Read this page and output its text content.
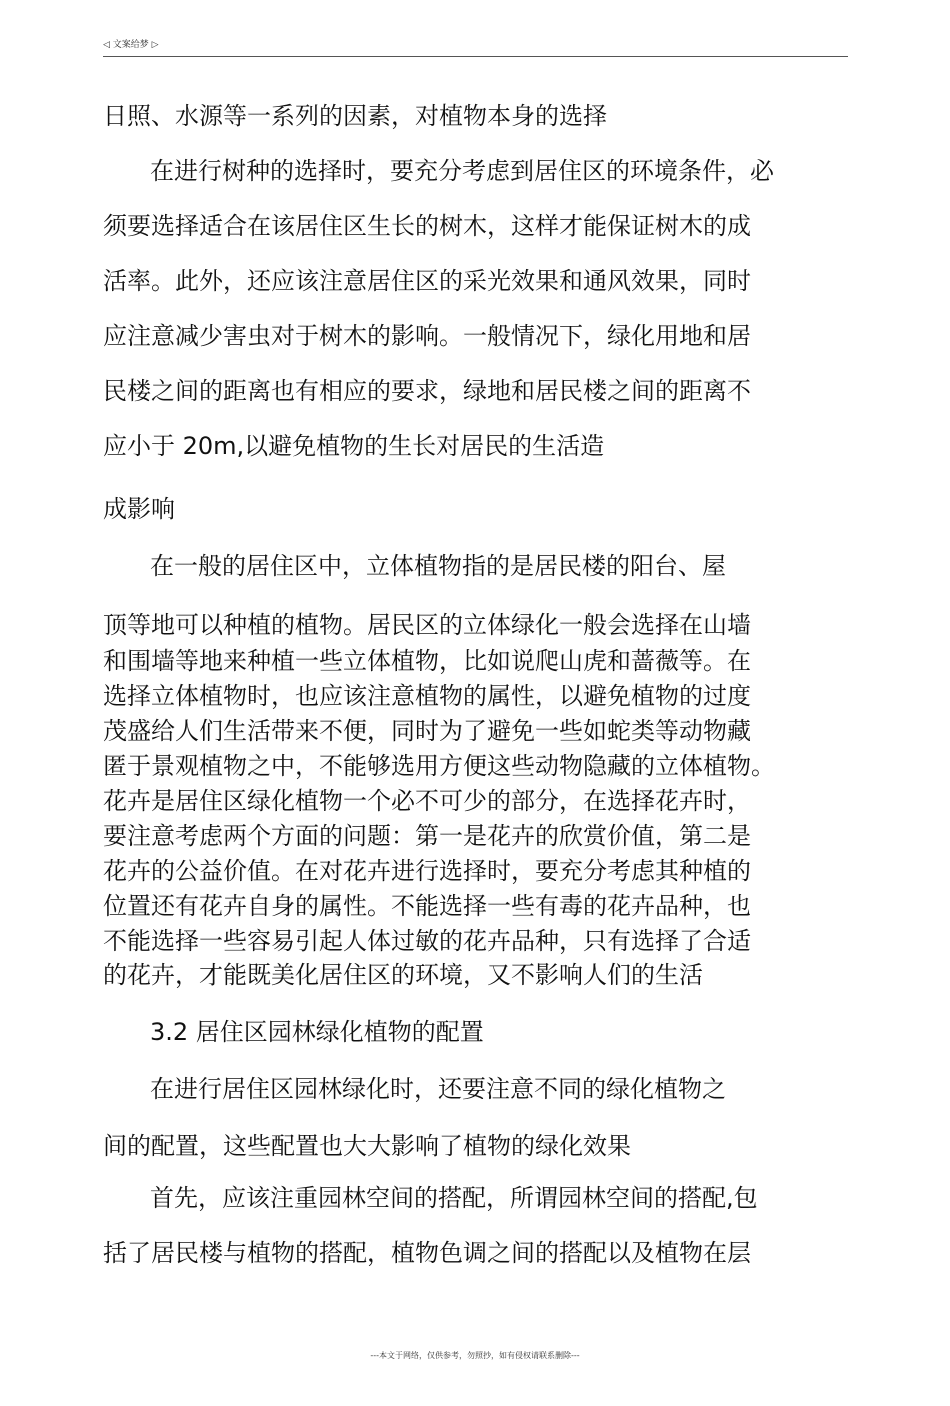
◁ 文案给梦 ▷
日照、水源等一系列的因素，对植物本身的选择
在进行树种的选择时，要充分考虑到居住区的环境条件，必
须要选择适合在该居住区生长的树木，这样才能保证树木的成
活率。此外，还应该注意居住区的采光效果和通风效果，同时
应注意减少害虫对于树木的影响。一般情况下，绿化用地和居
民楼之间的距离也有相应的要求，绿地和居民楼之间的距离不
应小于 20m,以避免植物的生长对居民的生活造
成影响
在一般的居住区中，立体植物指的是居民楼的阳台、屋
顶等地可以种植的植物。居民区的立体绿化一般会选择在山墙
和围墙等地来种植一些立体植物，比如说爬山虎和蔷薇等。在
选择立体植物时，也应该注意植物的属性，以避免植物的过度
茂盛给人们生活带来不便，同时为了避免一些如蛇类等动物藏
匿于景观植物之中，不能够选用方便这些动物隐藏的立体植物。
花卉是居住区绿化植物一个必不可少的部分，在选择花卉时，
要注意考虑两个方面的问题：第一是花卉的欣赏价值，第二是
花卉的公益价值。在对花卉进行选择时，要充分考虑其种植的
位置还有花卉自身的属性。不能选择一些有毒的花卉品种，也
不能选择一些容易引起人体过敏的花卉品种，只有选择了合适
的花卉，才能既美化居住区的环境，又不影响人们的生活
3.2 居住区园林绿化植物的配置
在进行居住区园林绿化时，还要注意不同的绿化植物之
间的配置，这些配置也大大影响了植物的绿化效果
首先，应该注重园林空间的搭配，所谓园林空间的搭配,包
括了居民楼与植物的搭配，植物色调之间的搭配以及植物在层
---本文于网络，仅供参考，勿照抄，如有侵权请联系删除---
